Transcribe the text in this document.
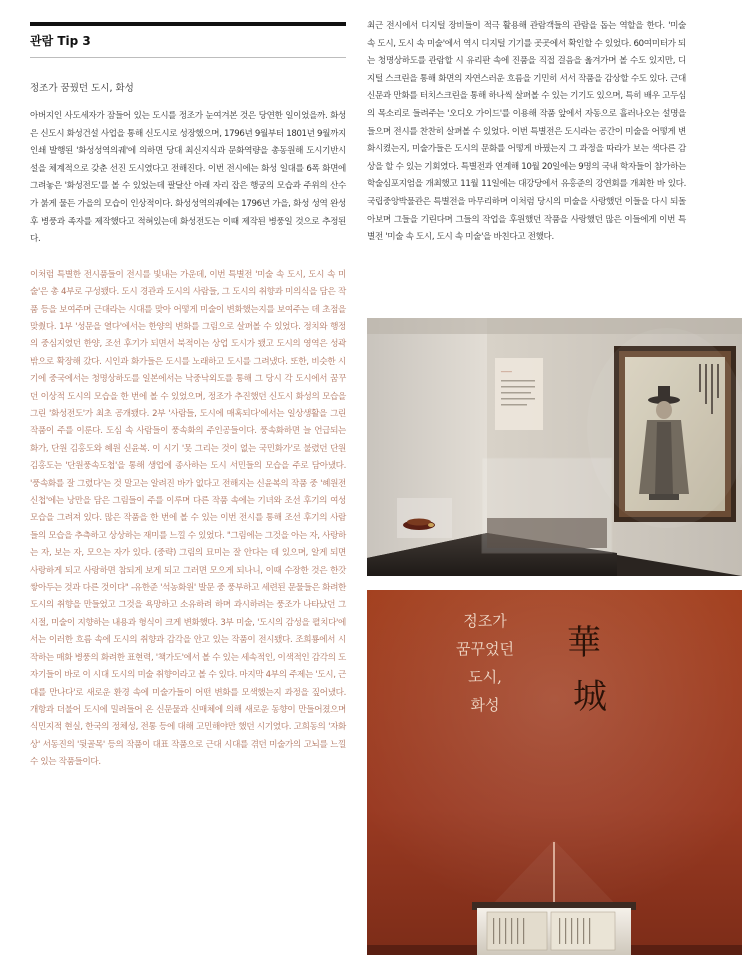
관람 Tip 3
정조가 꿈꿨던 도시, 화성

아버지인 사도세자가 잠들어 있는 도시를 정조가 눈여겨본 것은 당연한 일이었을까. 화성은 신도시 화성건설 사업을 통해 신도시로 성장했으며, 1796년 9월부터 1801년 9월까지 인쇄 발행된 '화성성역의궤'에 의하면 당대 최신지식과 문화역량을 총동원해 도시기반시설을 체계적으로 갖춘 선진 도시였다고 전해진다. 이번 전시에는 화성 일대를 6폭 화면에 그려놓은 '화성전도'를 볼 수 있었는데 팔달산 아래 자리 잡은 행궁의 모습과 주위의 산수가 붉게 물든 가을의 모습이 인상적이다. 화성성역의궤에는 1796년 가을, 화성 성역 완성 후 병풍과 족자를 제작했다고 적혀있는데 화성전도는 이때 제작된 병풍일 것으로 추정된다.

이처럼 특별한 전시품들이 전시를 빛내는 가운데, 이번 특별전 '미술 속 도시, 도시 속 미술'은 총 4부로 구성됐다. 도시 경관과 도시의 사람들, 그 도시의 취향과 미의식을 담은 작품 등을 보여주며 근대라는 시대를 맞아 어떻게 미술이 변화했는지를 보여주는 데 초점을 맞췄다. 1부 '성문을 열다'에서는 한양의 변화를 그림으로 살펴볼 수 있었다. 정치와 행정의 중심지였던 한양, 조선 후기가 되면서 북적이는 상업 도시가 됐고 도시의 영역은 성곽 밖으로 확장해 갔다. 시인과 화가들은 도시를 노래하고 도시를 그려냈다. 또한, 비슷한 시기에 중국에서는 청명상하도를 일본에서는 낙중낙외도를 통해 그 당시 각 도시에서 꿈꾸던 이상적 도시의 모습을 한 번에 볼 수 있었으며, 정조가 추진했던 신도시 화성의 모습을 그린 '화성전도'가 최초 공개됐다. 2부 '사람들, 도시에 매혹되다'에서는 일상생활을 그린 작품이 주를 이룬다. 도심 속 사람들이 풍속화의 주인공들이다. 풍속화하면 늘 언급되는 화가, 단원 김홍도와 혜원 신윤복. 이 시기 '못 그리는 것이 없는 국민화가'로 불렸던 단원 김홍도는 '단원풍속도첩'을 통해 생업에 종사하는 도시 서민들의 모습을 주로 담아냈다. '풍속화를 잘 그렸다'는 것 말고는 알려진 바가 없다고 전해지는 신윤복의 작품 중 '혜원전신첩'에는 낭만을 담은 그림들이 주를 이루며 다른 작품 속에는 기녀와 조선 후기의 여성 모습을 그려져 있다. 많은 작품을 한 번에 볼 수 있는 이번 전시를 통해 조선 후기의 사람들의 모습을 추측하고 상상하는 재미를 느낄 수 있었다. "그림에는 그것을 아는 자, 사랑하는 자, 보는 자, 모으는 자가 있다. (중략) 그림의 묘미는 잘 안다는 데 있으며, 알게 되면 사랑하게 되고 사랑하면 참되게 보게 되고 그러면 모으게 되나니, 이때 수장한 것은 한갓 쌓아두는 것과 다른 것이다" -유한준 '석농화원' 발문 중 풍부하고 세련된 문물들은 화려한 도시의 취향을 만들었고 그것을 욕망하고 소유하려 하며 과시하려는 풍조가 나타났던 그 시절, 미술이 지향하는 내용과 형식이 크게 변화했다. 3부 미술, '도시의 감성을 펼치다'에서는 이러한 흐름 속에 도시의 취향과 감각을 안고 있는 작품이 전시됐다. 조희룡에서 시작하는 매화 병풍의 화려한 표현력, '책가도'에서 볼 수 있는 세속적인, 이색적인 감각의 도자기들이 바로 이 시대 도시의 미술 취향이라고 볼 수 있다. 마지막 4부의 주제는 '도시, 근대를 만나다'로 새로운 환경 속에 미술가들이 어떤 변화를 모색했는지 과정을 짚어냈다. 개항과 더불어 도시에 밀려들어 온 신문물과 신매체에 의해 새로운 동향이 만들어졌으며 식민지적 현실, 한국의 정체성, 전통 등에 대해 고민해야만 했던 시기였다. 고희동의 '자화상' 서동진의 '뒷골목' 등의 작품이 대표 작품으로 근대 시대를 겪던 미술가의 고뇌를 느낄 수 있는 작품들이다.

최근 전시에서 디지털 장비들이 적극 활용해 관람객들의 관람을 돕는 역할을 한다. '미술 속 도시, 도시 속 미술'에서 역시 디지털 기기를 곳곳에서 확인할 수 있었다. 60여미터가 되는 청명상하도를 관람할 시 유리판 속에 진품을 직접 걸음을 옮겨가며 볼 수도 있지만, 디지털 스크린을 통해 화면의 자연스러운 흐름을 기민히 서서 작품을 감상할 수도 있다. 근대 신문과 만화를 터치스크린을 통해 하나씩 살펴볼 수 있는 기기도 있으며, 특히 배우 고두심의 목소리로 들려주는 '오디오 가이드'를 이용해 작품 앞에서 자동으로 흘러나오는 설명을 들으며 전시를 찬찬히 살펴볼 수 있었다. 이번 특별전은 도시라는 공간이 미술을 어떻게 변화시켰는지, 미술가들은 도시의 문화를 어떻게 바꿨는지 그 과정을 따라가 보는 색다른 감상을 할 수 있는 기회였다. 특별전과 연계해 10월 20일에는 9명의 국내 학자들이 참가하는 학술심포지엄을 개최했고 11월 11일에는 대강당에서 유홍준의 강연회를 개최한 바 있다. 국립중앙박물관은 특별전을 마무리하며 이처럼 당시의 미술을 사랑했던 이들을 다시 되돌아보며 그들을 기린다며 그들의 작업을 후원했던 작품을 사랑했던 많은 이들에게 이번 특별전 '미술 속 도시, 도시 속 미술'을 바친다고 전했다.

───
정조가
꿈꾸었던
도시,
화성
華
城
